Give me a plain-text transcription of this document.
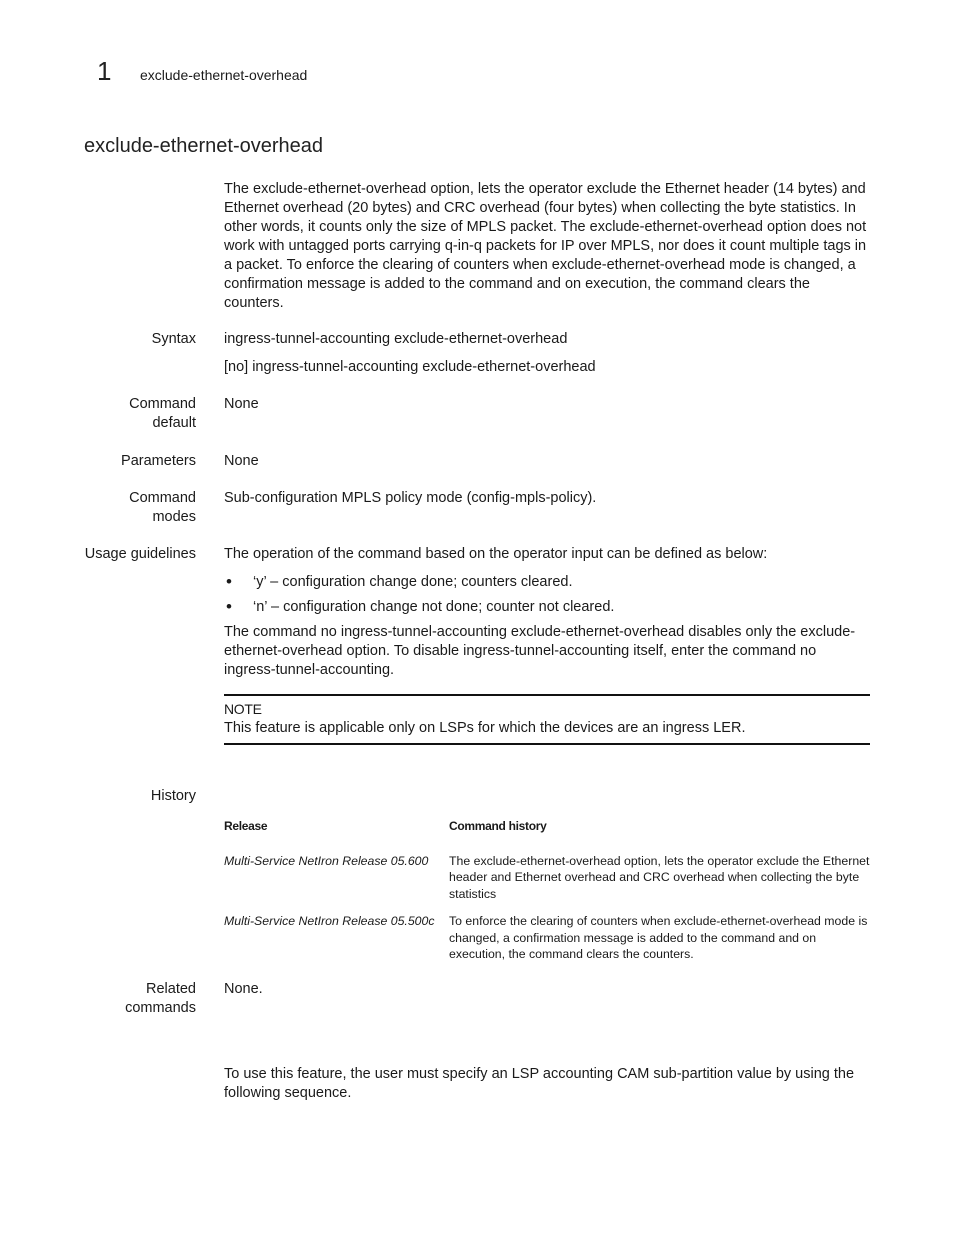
1 exclude-ethernet-overhead
exclude-ethernet-overhead

The exclude-ethernet-overhead option, lets the operator exclude the Ethernet header (14 bytes) and Ethernet overhead (20 bytes) and CRC overhead (four bytes) when collecting the byte statistics. In other words, it counts only the size of MPLS packet. The exclude-ethernet-overhead option does not work with untagged ports carrying q-in-q packets for IP over MPLS, nor does it count multiple tags in a packet. To enforce the clearing of counters when exclude-ethernet-overhead mode is changed, a confirmation message is added to the command and on execution, the command clears the counters.

Syntax ingress-tunnel-accounting exclude-ethernet-overhead
[no] ingress-tunnel-accounting exclude-ethernet-overhead
Command
default
None
Parameters None
Command
modes
Sub-configuration MPLS policy mode (config-mpls-policy).
Usage guidelines The operation of the command based on the operator input can be defined as below:

• ‘y’ – configuration change done; counters cleared.
• ‘n’ – configuration change not done; counter not cleared.

The command no ingress-tunnel-accounting exclude-ethernet-overhead disables only the exclude-ethernet-overhead option. To disable ingress-tunnel-accounting itself, enter the command no ingress-tunnel-accounting.

NOTE
This feature is applicable only on LSPs for which the devices are an ingress LER.
History
Release	Command history
Multi-Service NetIron Release 05.600	The exclude-ethernet-overhead option, lets the operator exclude the Ethernet header and Ethernet overhead and CRC overhead when collecting the byte statistics
Multi-Service NetIron Release 05.500c	To enforce the clearing of counters when exclude-ethernet-overhead mode is changed, a confirmation message is added to the command and on execution, the command clears the counters.
Related
commands
None.

To use this feature, the user must specify an LSP accounting CAM sub-partition value by using the following sequence.
